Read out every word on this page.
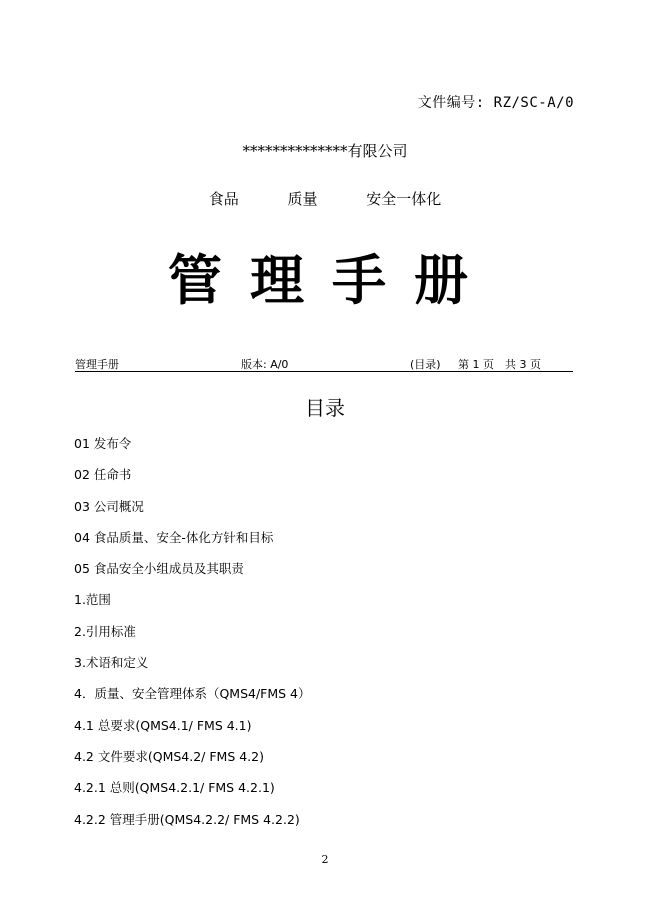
文件编号: RZ/SC-A/0
**************有限公司
食品	质量	安全一体化
管理手册
管理手册	版本: A/0	(目录) 第 1 页 共 3 页
目录
01 发布令
02 任命书
03 公司概况
04 食品质量、安全-体化方针和目标
05 食品安全小组成员及其职责
1.范围
2.引用标准
3.术语和定义
4．质量、安全管理体系（QMS4/FMS 4）
4.1 总要求(QMS4.1/ FMS 4.1)
4.2 文件要求(QMS4.2/ FMS 4.2)
4.2.1 总则(QMS4.2.1/ FMS 4.2.1)
4.2.2 管理手册(QMS4.2.2/ FMS 4.2.2)
2
